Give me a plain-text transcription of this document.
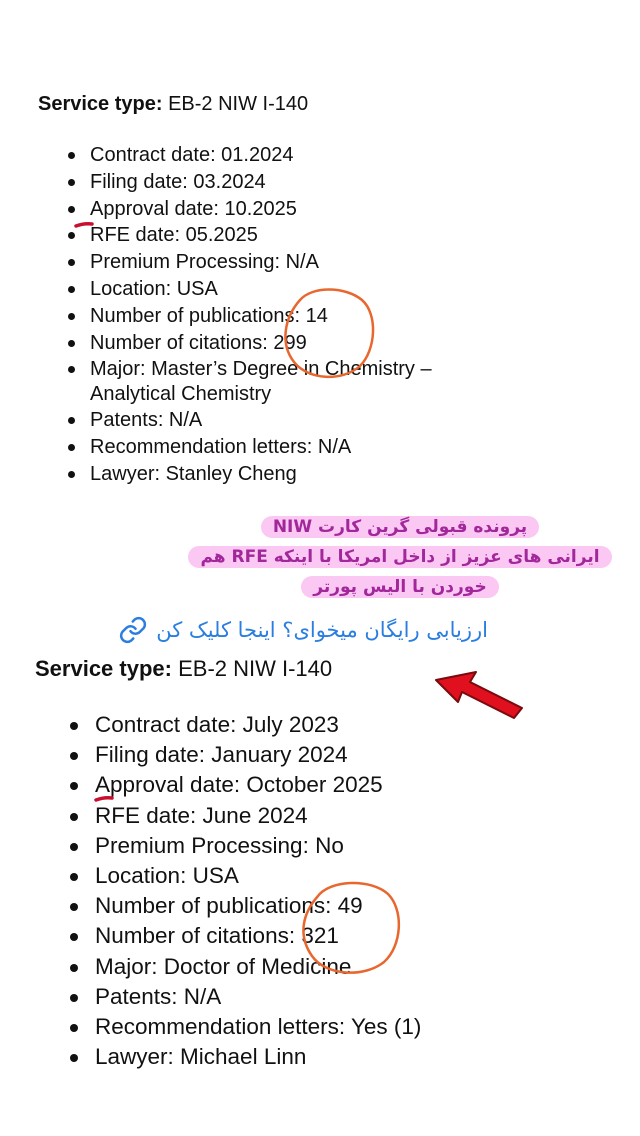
Service type: EB-2 NIW I-140
Contract date: 01.2024
Filing date: 03.2024
Approval date: 10.2025
RFE date: 05.2025
Premium Processing: N/A
Location: USA
Number of publications: 14
Number of citations: 299
Major: Master’s Degree in Chemistry –
Analytical Chemistry
Patents: N/A
Recommendation letters: N/A
Lawyer: Stanley Cheng
پرونده قبولی گرین کارت NIW
ایرانی های عزیز از داخل امریکا با اینکه RFE هم
خوردن با الیس پورتر
ارزیابی رایگان میخوای؟ اینجا کلیک کن
Service type: EB-2 NIW I-140
Contract date: July 2023
Filing date: January 2024
Approval date: October 2025
RFE date: June 2024
Premium Processing: No
Location: USA
Number of publications: 49
Number of citations: 321
Major: Doctor of Medicine
Patents: N/A
Recommendation letters: Yes (1)
Lawyer: Michael Linn
